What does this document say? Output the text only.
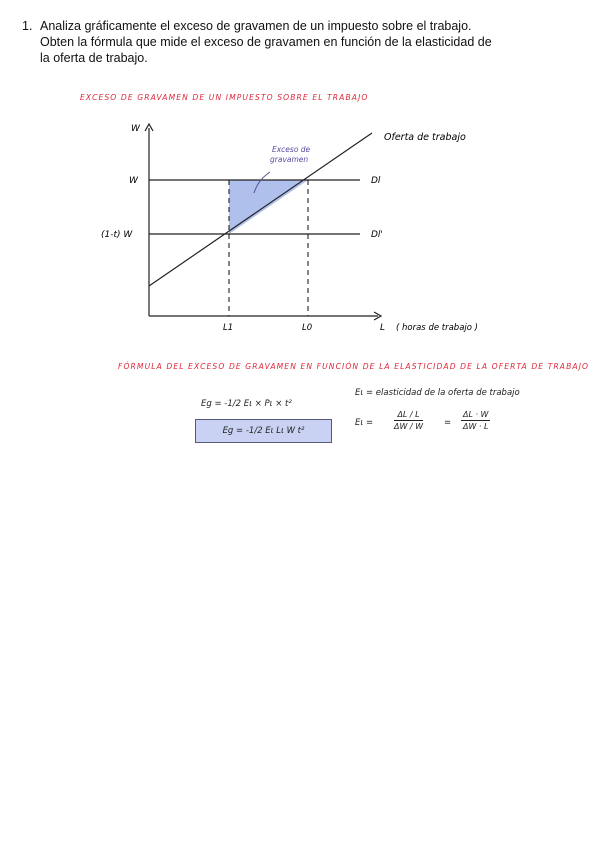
1. Analiza gráficamente el exceso de gravamen de un impuesto sobre el trabajo.
Obten la fórmula que mide el exceso de gravamen en función de la elasticidad de
la oferta de trabajo.
EXCESO DE GRAVAMEN DE UN IMPUESTO SOBRE EL TRABAJO
W
W
(1-t) W
Oferta de trabajo
Dl
Dl'
L1	L0	L ( horas de trabajo )
Exceso de gravamen
FÓRMULA DEL EXCESO DE GRAVAMEN EN FUNCIÓN DE LA ELASTICIDAD DE LA OFERTA DE TRABAJO
Eι = elasticidad de la oferta de trabajo
Eg = -1/2 Eι × Pι × t²
Eg = -1/2 Eι Lι W t²
Eι =	$\frac{\Delta L / L}{\Delta W / W} = \frac{\Delta L \cdot W}{\Delta W \cdot L}$
